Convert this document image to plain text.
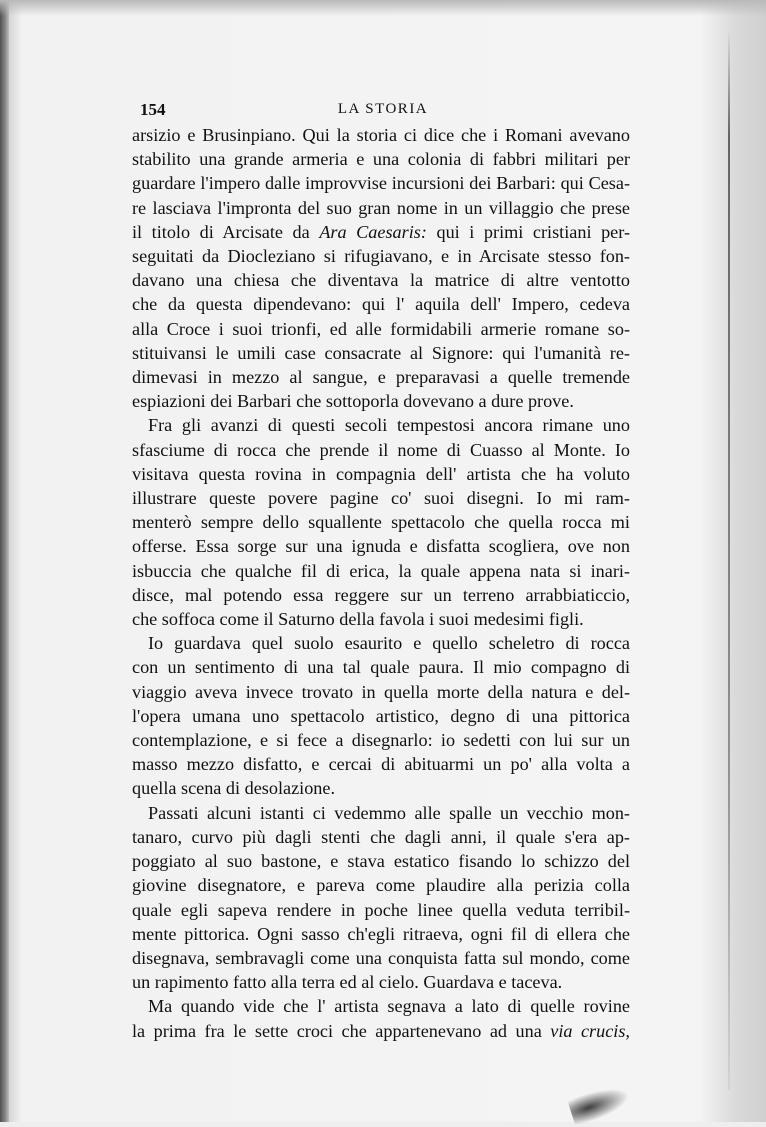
154	LA STORIA
arsizio e Brusinpiano. Qui la storia ci dice che i Romani avevano
stabilito una grande armeria e una colonia di fabbri militari per
guardare l'impero dalle improvvise incursioni dei Barbari: qui Cesa-
re lasciava l'impronta del suo gran nome in un villaggio che prese
il titolo di Arcisate da Ara Caesaris: qui i primi cristiani per-
seguitati da Diocleziano si rifugiavano, e in Arcisate stesso fon-
davano una chiesa che diventava la matrice di altre ventotto
che da questa dipendevano: qui l' aquila dell' Impero, cedeva
alla Croce i suoi trionfi, ed alle formidabili armerie romane so-
stituivansi le umili case consacrate al Signore: qui l'umanità re-
dimevasi in mezzo al sangue, e preparavasi a quelle tremende
espiazioni dei Barbari che sottoporla dovevano a dure prove.
Fra gli avanzi di questi secoli tempestosi ancora rimane uno
sfasciume di rocca che prende il nome di Cuasso al Monte. Io
visitava questa rovina in compagnia dell' artista che ha voluto
illustrare queste povere pagine co' suoi disegni. Io mi ram-
menterò sempre dello squallente spettacolo che quella rocca mi
offerse. Essa sorge sur una ignuda e disfatta scogliera, ove non
isbuccia che qualche fil di erica, la quale appena nata si inari-
disce, mal potendo essa reggere sur un terreno arrabbiaticcio,
che soffoca come il Saturno della favola i suoi medesimi figli.
Io guardava quel suolo esaurito e quello scheletro di rocca
con un sentimento di una tal quale paura. Il mio compagno di
viaggio aveva invece trovato in quella morte della natura e del-
l'opera umana uno spettacolo artistico, degno di una pittorica
contemplazione, e si fece a disegnarlo: io sedetti con lui sur un
masso mezzo disfatto, e cercai di abituarmi un po' alla volta a
quella scena di desolazione.
Passati alcuni istanti ci vedemmo alle spalle un vecchio mon-
tanaro, curvo più dagli stenti che dagli anni, il quale s'era ap-
poggiato al suo bastone, e stava estatico fisando lo schizzo del
giovine disegnatore, e pareva come plaudire alla perizia colla
quale egli sapeva rendere in poche linee quella veduta terribil-
mente pittorica. Ogni sasso ch'egli ritraeva, ogni fil di ellera che
disegnava, sembravagli come una conquista fatta sul mondo, come
un rapimento fatto alla terra ed al cielo. Guardava e taceva.
Ma quando vide che l' artista segnava a lato di quelle rovine
la prima fra le sette croci che appartenevano ad una via crucis,
